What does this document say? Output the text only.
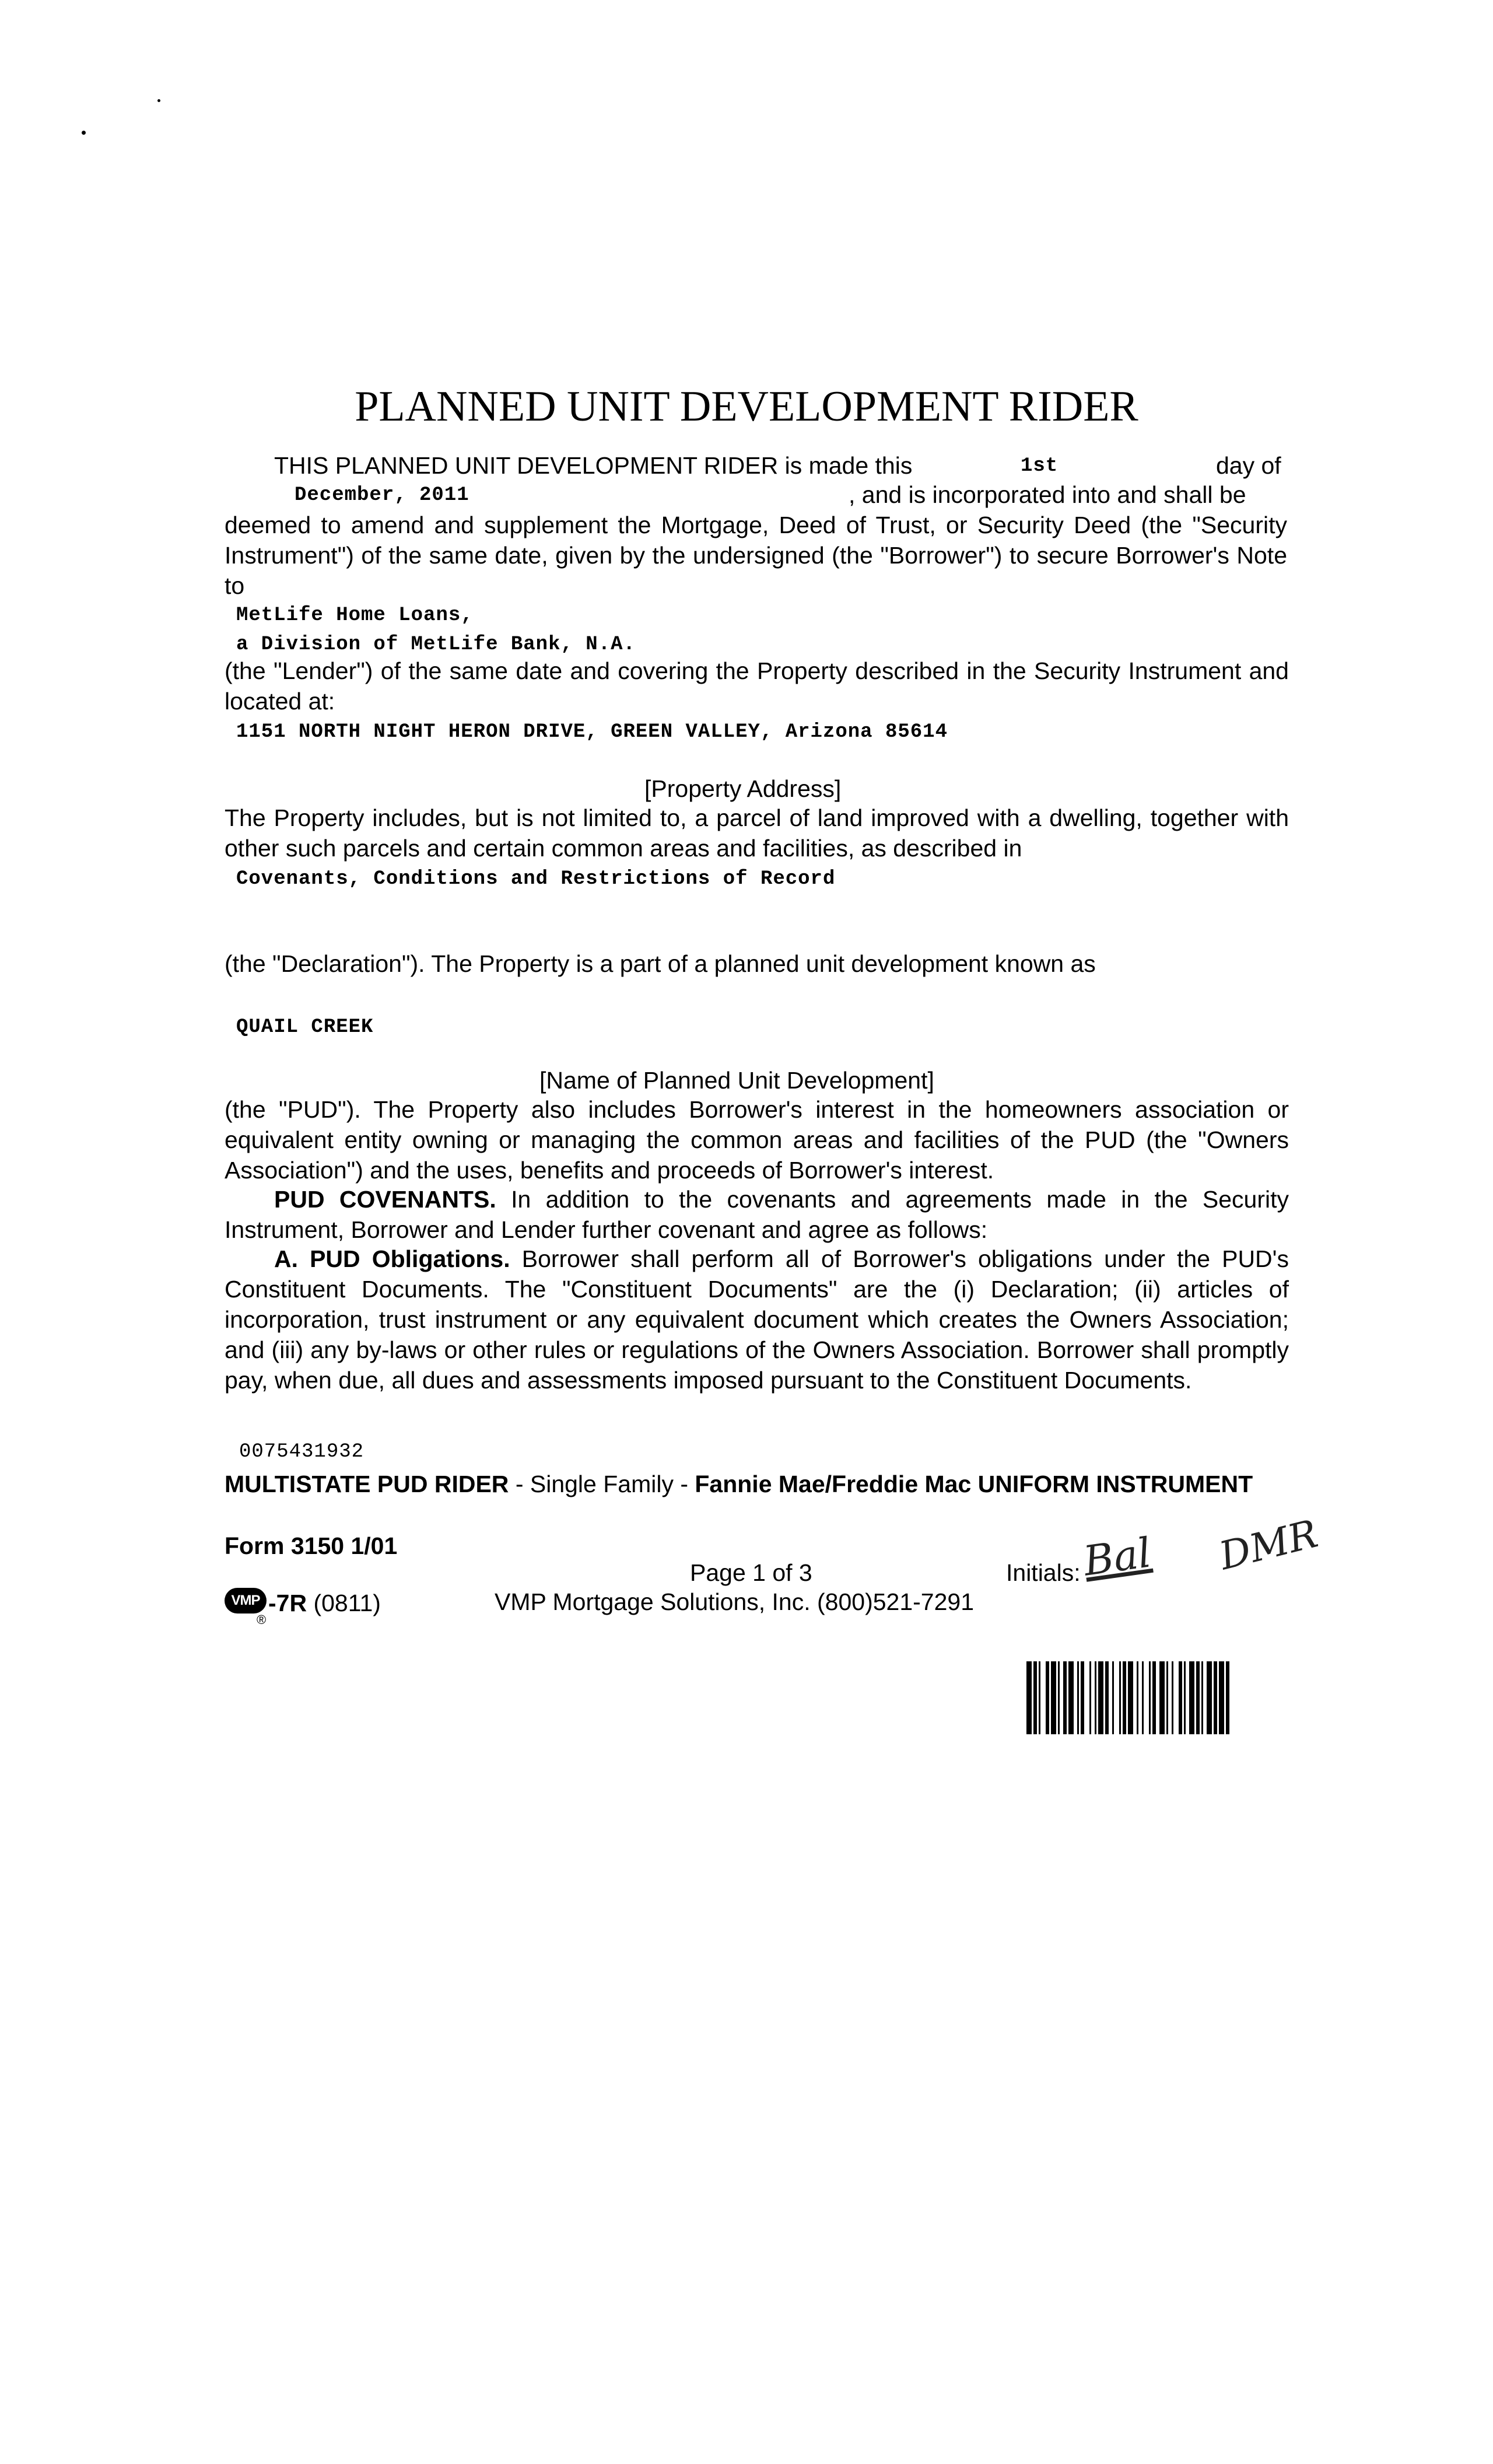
PLANNED UNIT DEVELOPMENT RIDER
THIS PLANNED UNIT DEVELOPMENT RIDER is made this	1st	day of
December, 2011	, and is incorporated into and shall be
deemed to amend and supplement the Mortgage, Deed of Trust, or Security Deed (the "Security Instrument") of the same date, given by the undersigned (the "Borrower") to secure Borrower's Note to
MetLife Home Loans,
a Division of MetLife Bank, N.A.
(the "Lender") of the same date and covering the Property described in the Security Instrument and located at:
1151 NORTH NIGHT HERON DRIVE, GREEN VALLEY, Arizona 85614
[Property Address]
The Property includes, but is not limited to, a parcel of land improved with a dwelling, together with other such parcels and certain common areas and facilities, as described in
Covenants, Conditions and Restrictions of Record
(the "Declaration"). The Property is a part of a planned unit development known as
QUAIL CREEK
[Name of Planned Unit Development]
(the "PUD"). The Property also includes Borrower's interest in the homeowners association or equivalent entity owning or managing the common areas and facilities of the PUD (the "Owners Association") and the uses, benefits and proceeds of Borrower's interest.
PUD COVENANTS. In addition to the covenants and agreements made in the Security Instrument, Borrower and Lender further covenant and agree as follows:
A. PUD Obligations. Borrower shall perform all of Borrower's obligations under the PUD's Constituent Documents. The "Constituent Documents" are the (i) Declaration; (ii) articles of incorporation, trust instrument or any equivalent document which creates the Owners Association; and (iii) any by-laws or other rules or regulations of the Owners Association. Borrower shall promptly pay, when due, all dues and assessments imposed pursuant to the Constituent Documents.
0075431932
MULTISTATE PUD RIDER - Single Family - Fannie Mae/Freddie Mac UNIFORM INSTRUMENT
Form 3150 1/01
Page 1 of 3	Initials: Bal DMR
VMP -7R (0811)
®
VMP Mortgage Solutions, Inc. (800)521-7291
